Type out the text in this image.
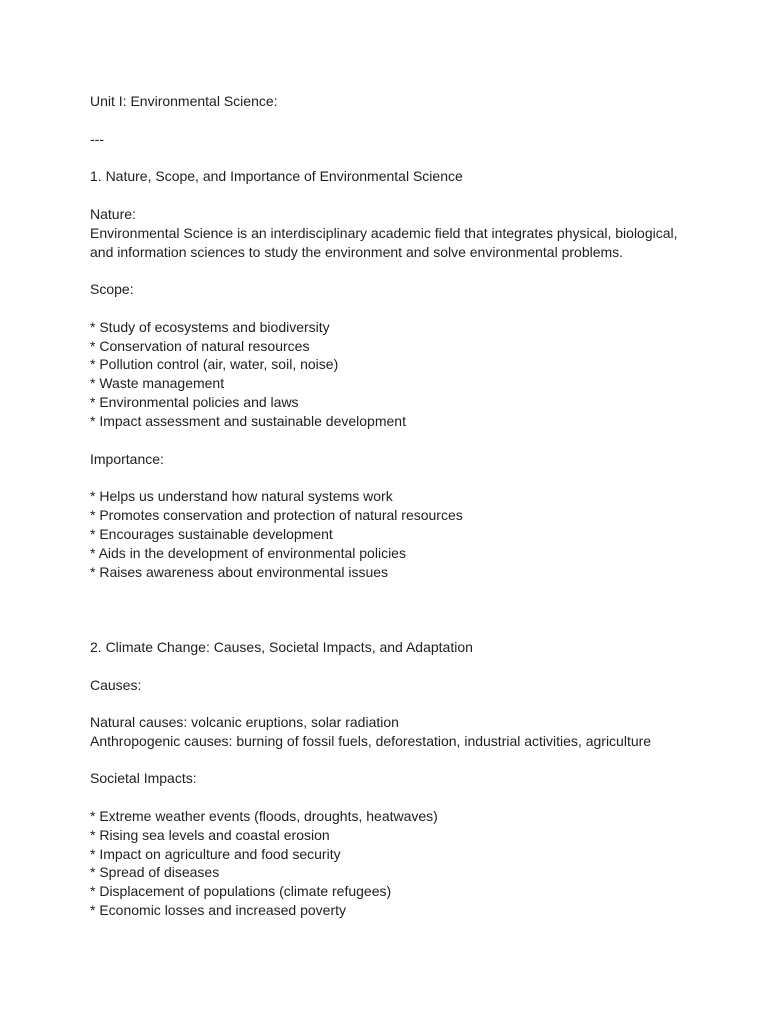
Unit I: Environmental Science:
---
1. Nature, Scope, and Importance of Environmental Science
Nature:
Environmental Science is an interdisciplinary academic field that integrates physical, biological,
and information sciences to study the environment and solve environmental problems.
Scope:
* Study of ecosystems and biodiversity
* Conservation of natural resources
* Pollution control (air, water, soil, noise)
* Waste management
* Environmental policies and laws
* Impact assessment and sustainable development
Importance:
* Helps us understand how natural systems work
* Promotes conservation and protection of natural resources
* Encourages sustainable development
* Aids in the development of environmental policies
* Raises awareness about environmental issues
2. Climate Change: Causes, Societal Impacts, and Adaptation
Causes:
Natural causes: volcanic eruptions, solar radiation
Anthropogenic causes: burning of fossil fuels, deforestation, industrial activities, agriculture
Societal Impacts:
* Extreme weather events (floods, droughts, heatwaves)
* Rising sea levels and coastal erosion
* Impact on agriculture and food security
* Spread of diseases
* Displacement of populations (climate refugees)
* Economic losses and increased poverty
